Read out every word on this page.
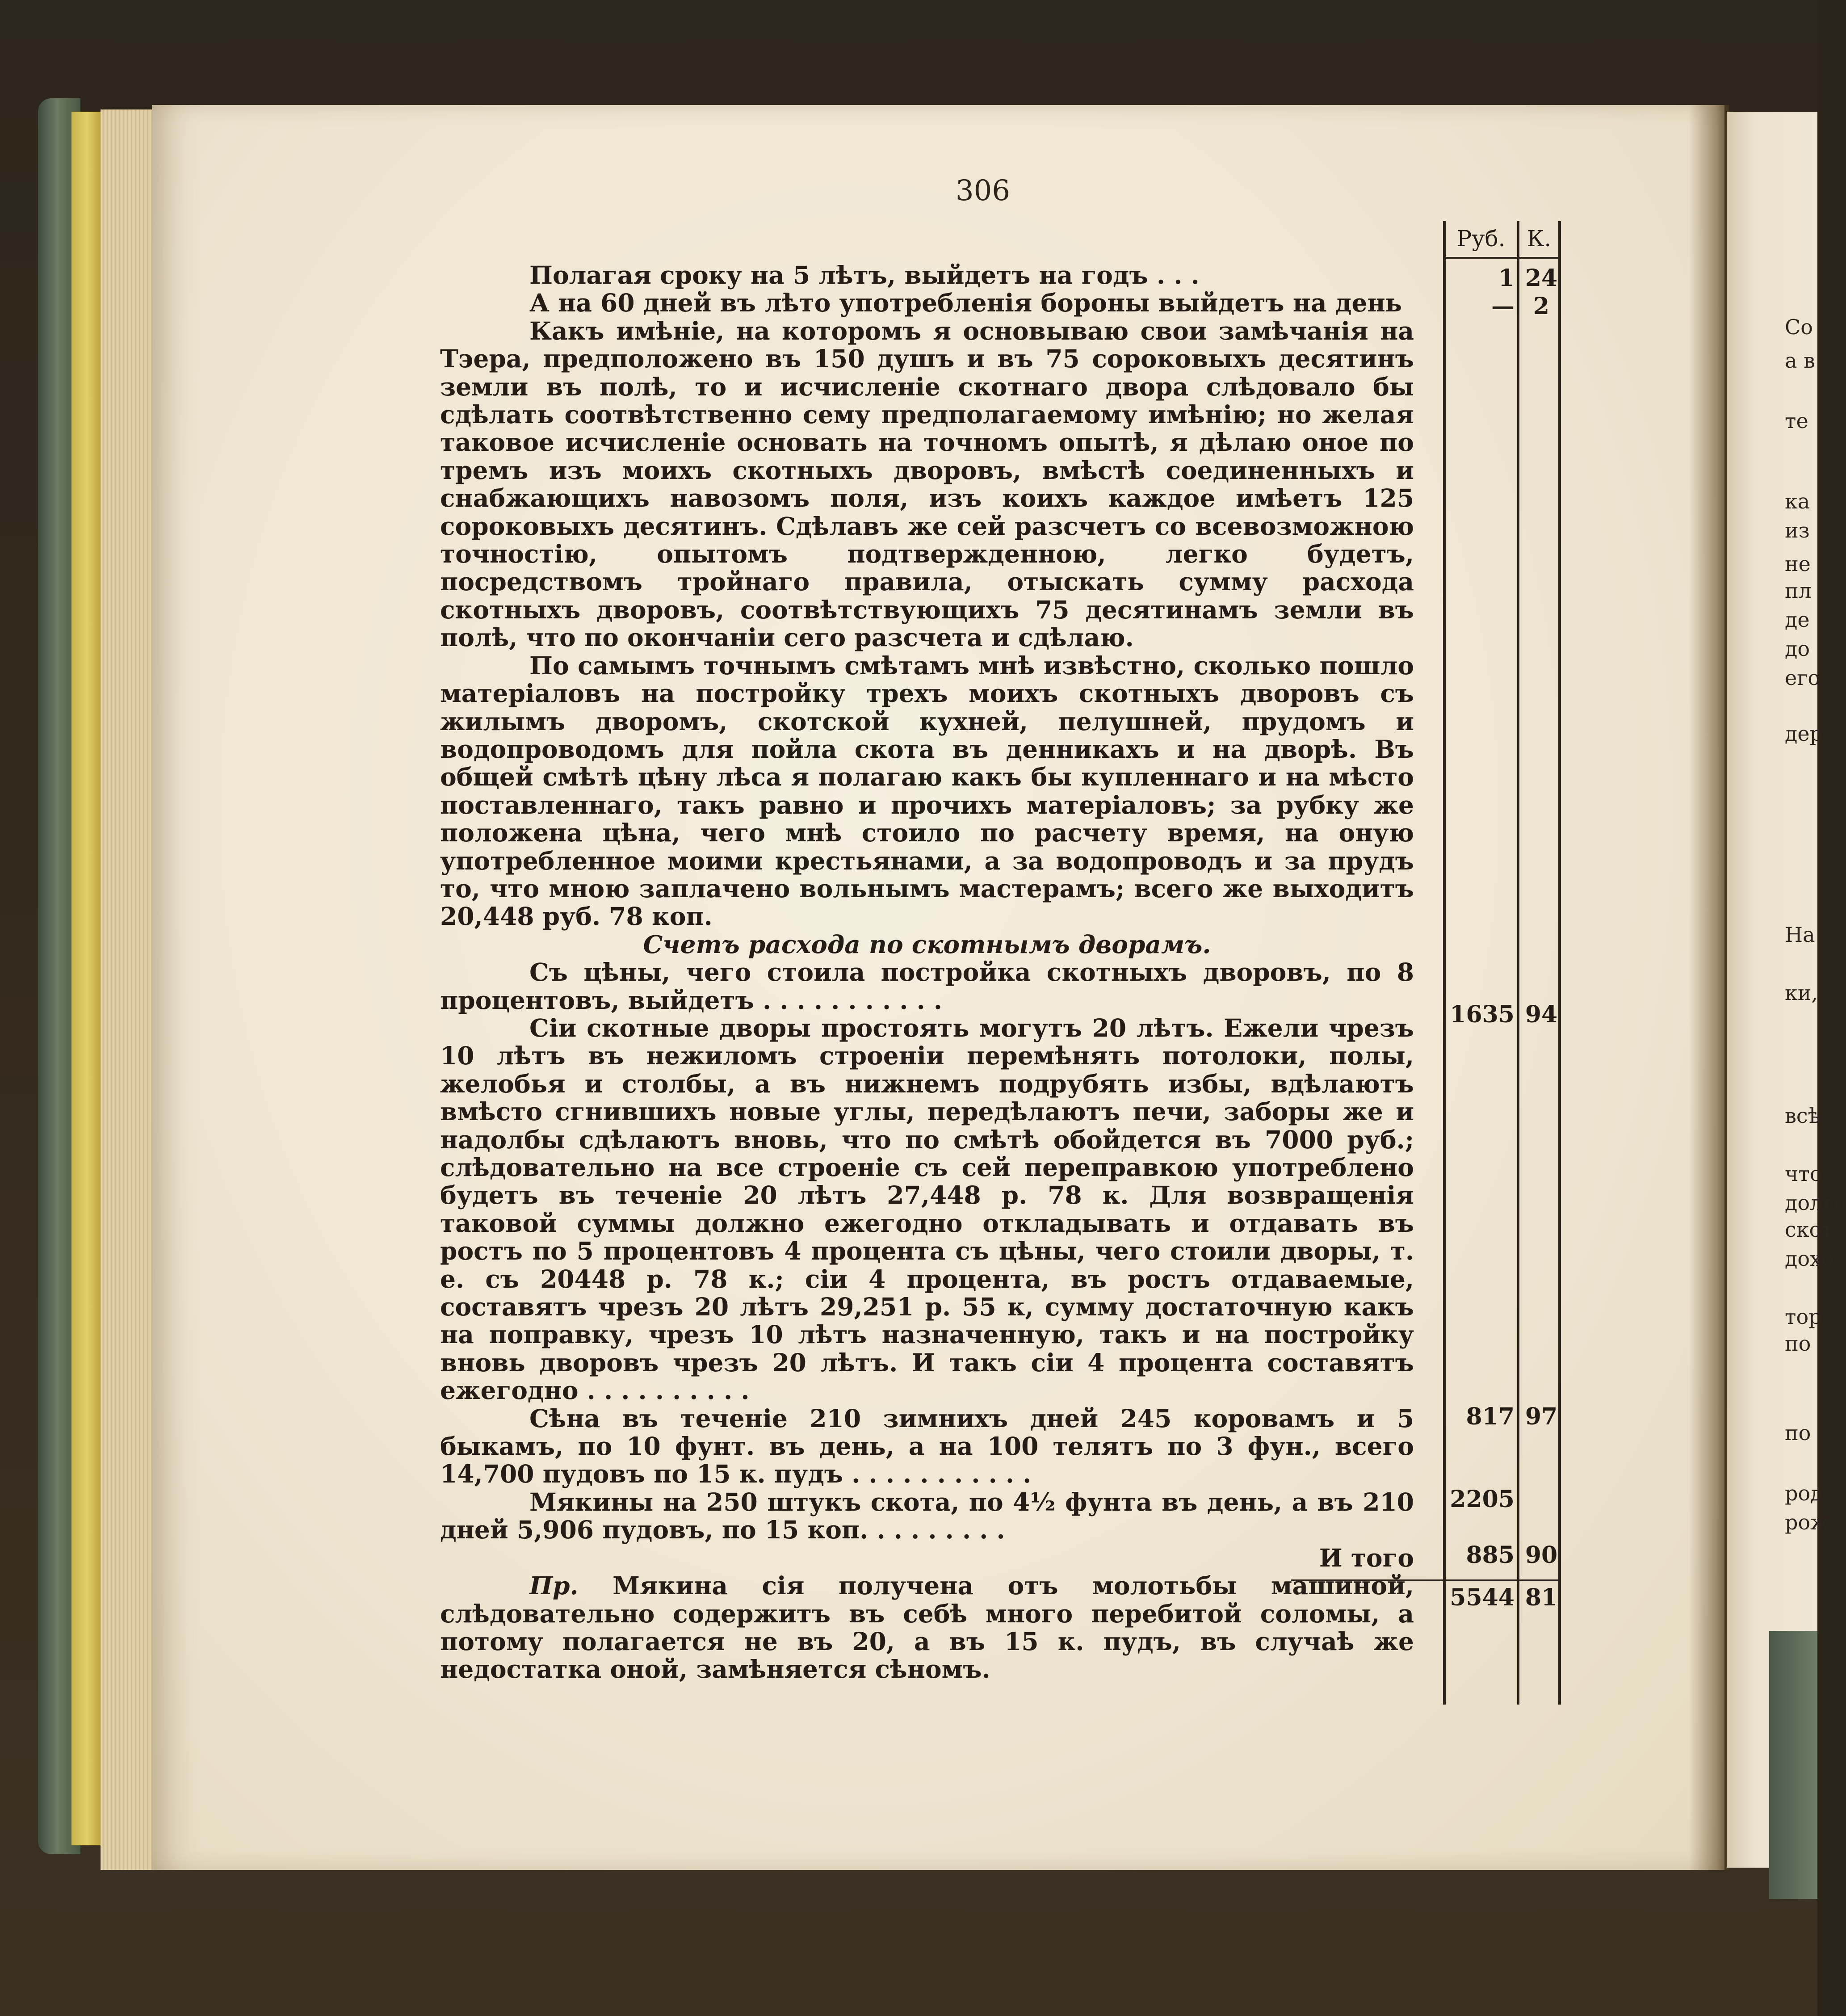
306
Руб. К.
1 24
— 2
1635 94
817 97
2205
885 90
5544 81

Полагая сроку на 5 лѣтъ, выйдетъ на годъ . . .

А на 60 дней въ лѣто употребленія бороны выйдетъ на день

Какъ имѣніе, на которомъ я основываю свои замѣчанія на Тэера, предположено въ 150 душъ и въ 75 сороковыхъ десятинъ земли въ полѣ, то и исчисленіе скотнаго двора слѣдовало бы сдѣлать соотвѣтственно сему предполагаемому имѣнію; но желая таковое исчисленіе основать на точномъ опытѣ, я дѣлаю оное по тремъ изъ моихъ скотныхъ дворовъ, вмѣстѣ соединенныхъ и снабжающихъ навозомъ поля, изъ коихъ каждое имѣетъ 125 сороковыхъ десятинъ. Сдѣлавъ же сей разсчетъ со всевозможною точностію, опытомъ подтвержденною, легко будетъ, посредствомъ тройнаго правила, отыскать сумму расхода скотныхъ дворовъ, соотвѣтствующихъ 75 десятинамъ земли въ полѣ, что по окончаніи сего разсчета и сдѣлаю.

По самымъ точнымъ смѣтамъ мнѣ извѣстно, сколько пошло матеріаловъ на постройку трехъ моихъ скотныхъ дворовъ съ жилымъ дворомъ, скотской кухней, пелушней, прудомъ и водопроводомъ для пойла скота въ денникахъ и на дворѣ. Въ общей смѣтѣ цѣну лѣса я полагаю какъ бы купленнаго и на мѣсто поставленнаго, такъ равно и прочихъ матеріаловъ; за рубку же положена цѣна, чего мнѣ стоило по расчету время, на оную употребленное моими крестьянами, а за водопроводъ и за прудъ то, что мною заплачено вольнымъ мастерамъ; всего же выходитъ 20,448 руб. 78 коп.

Счетъ расхода по скотнымъ дворамъ.

Съ цѣны, чего стоила постройка скотныхъ дворовъ, по 8 процентовъ, выйдетъ . . . . . . . . . . .

Сіи скотные дворы простоять могутъ 20 лѣтъ. Ежели чрезъ 10 лѣтъ въ нежиломъ строеніи перемѣнять потолоки, полы, желобья и столбы, а въ нижнемъ подрубять избы, вдѣлаютъ вмѣсто сгнившихъ новые углы, передѣлаютъ печи, заборы же и надолбы сдѣлаютъ вновь, что по смѣтѣ обойдется въ 7000 руб.; слѣдовательно на все строеніе съ сей переправкою употреблено будетъ въ теченіе 20 лѣтъ 27,448 р. 78 к. Для возвращенія таковой суммы должно ежегодно откладывать и отдавать въ ростъ по 5 процентовъ 4 процента съ цѣны, чего стоили дворы, т. е. съ 20448 р. 78 к.; сіи 4 процента, въ ростъ отдаваемые, составятъ чрезъ 20 лѣтъ 29,251 р. 55 к, сумму достаточную какъ на поправку, чрезъ 10 лѣтъ назначенную, такъ и на постройку вновь дворовъ чрезъ 20 лѣтъ. И такъ сіи 4 процента составятъ ежегодно . . . . . . . . . .

Сѣна въ теченіе 210 зимнихъ дней 245 коровамъ и 5 быкамъ, по 10 фунт. въ день, а на 100 телятъ по 3 фун., всего 14,700 пудовъ по 15 к. пудъ . . . . . . . . . . .

Мякины на 250 штукъ скота, по 4½ фунта въ день, а въ 210 дней 5,906 пудовъ, по 15 коп. . . . . . . . .

И того

Пр. Мякина сія получена отъ молотьбы машиной, слѣдовательно содержитъ въ себѣ много перебитой соломы, а потому полагается не въ 20, а въ 15 к. пудъ, въ случаѣ же недостатка оной, замѣняется сѣномъ.

Со
а в
те
ка
из
не
пл
де
до
его
дер
На
ки,
всѣ
что
долго
скот
дохо
тор
по
по
род
рож
